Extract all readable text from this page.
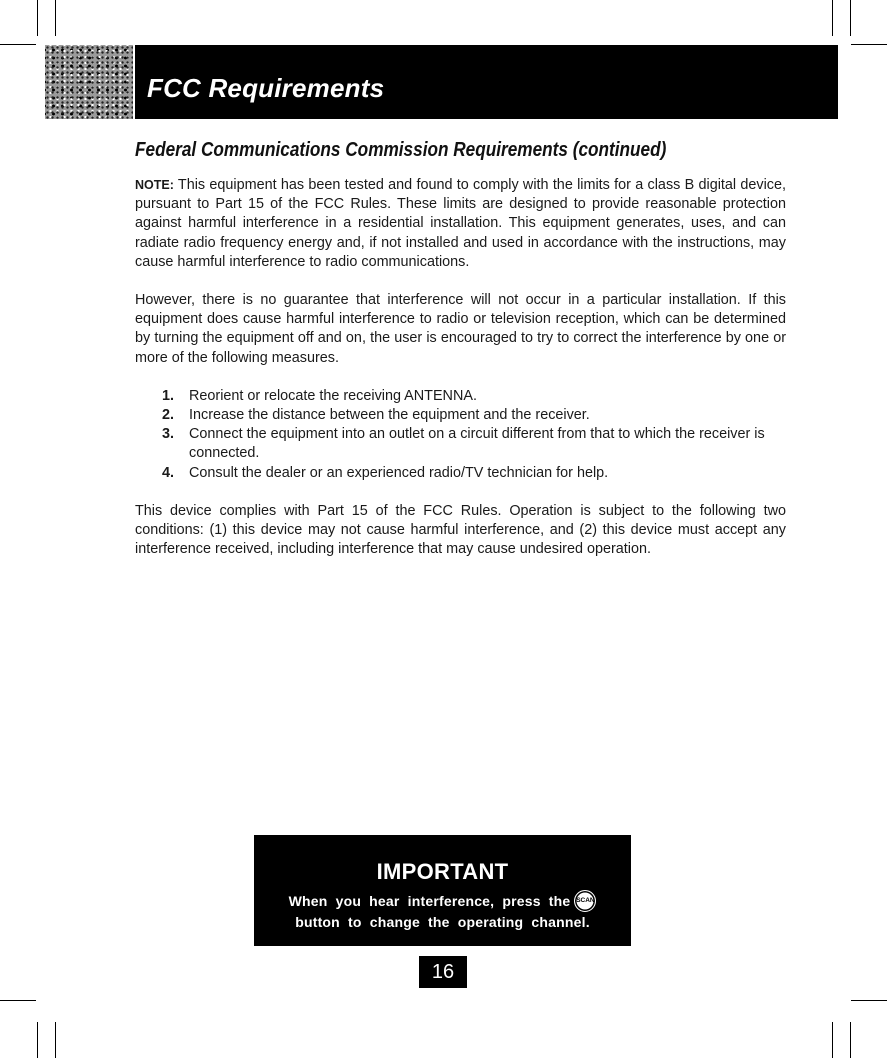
FCC Requirements
Federal Communications Commission Requirements (continued)

NOTE: This equipment has been tested and found to comply with the limits for a class B digital device, pursuant to Part 15 of the FCC Rules. These limits are designed to provide reasonable protection against harmful interference in a residential installation. This equipment generates, uses, and can radiate radio frequency energy and, if not installed and used in accordance with the instructions, may cause harmful interference to radio communications.

However, there is no guarantee that interference will not occur in a particular installation. If this equipment does cause harmful interference to radio or television reception, which can be determined by turning the equipment off and on, the user is encouraged to try to correct the interference by one or more of the following measures.

1. Reorient or relocate the receiving ANTENNA.
2. Increase the distance between the equipment and the receiver.
3. Connect the equipment into an outlet on a circuit different from that to which the receiver is connected.
4. Consult the dealer or an experienced radio/TV technician for help.

This device complies with Part 15 of the FCC Rules. Operation is subject to the following two conditions: (1) this device may not cause harmful interference, and (2) this device must accept any interference received, including interference that may cause undesired operation.

IMPORTANT
When you hear interference, press the SCAN
button to change the operating channel.
16
